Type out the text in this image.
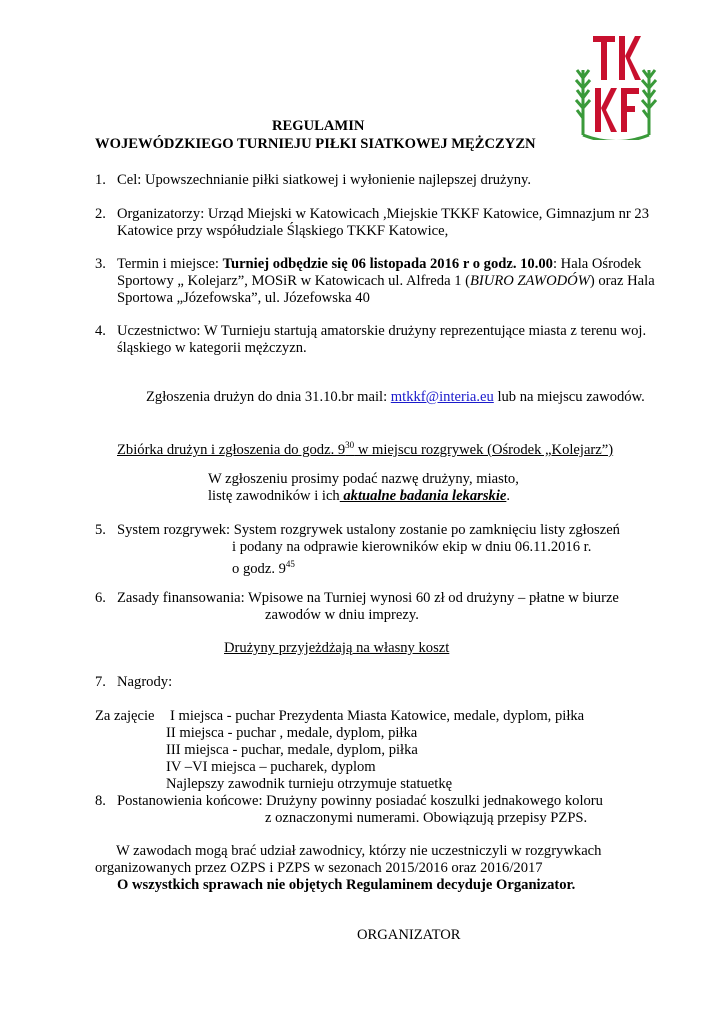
REGULAMIN
WOJEWÓDZKIEGO TURNIEJU PIŁKI SIATKOWEJ MĘŻCZYZN
1. Cel: Upowszechnianie piłki siatkowej i wyłonienie najlepszej drużyny.
2. Organizatorzy: Urząd Miejski w Katowicach ,Miejskie TKKF Katowice, Gimnazjum nr 23
Katowice przy współudziale Śląskiego TKKF Katowice,
3. Termin i miejsce: Turniej odbędzie się 06 listopada 2016 r o godz. 10.00: Hala Ośrodek
Sportowy „ Kolejarz”, MOSiR w Katowicach ul. Alfreda 1 (BIURO ZAWODÓW) oraz Hala
Sportowa „Józefowska”, ul. Józefowska 40
4. Uczestnictwo: W Turnieju startują amatorskie drużyny reprezentujące miasta z terenu woj.
śląskiego w kategorii mężczyzn.
Zgłoszenia drużyn do dnia 31.10.br mail: mtkkf@interia.eu lub na miejscu zawodów.
Zbiórka drużyn i zgłoszenia do godz. $9^{30}$ w miejscu rozgrywek (Ośrodek „Kolejarz”)
W zgłoszeniu prosimy podać nazwę drużyny, miasto,
listę zawodników i ich aktualne badania lekarskie.
5. System rozgrywek: System rozgrywek ustalony zostanie po zamknięciu listy zgłoszeń
i podany na odprawie kierowników ekip w dniu 06.11.2016 r.
o godz. $9^{45}$
6. Zasady finansowania: Wpisowe na Turniej wynosi 60 zł od drużyny – płatne w biurze
zawodów w dniu imprezy.
Drużyny przyjeżdżają na własny koszt
7. Nagrody:
Za zajęcie I miejsca - puchar Prezydenta Miasta Katowice, medale, dyplom, piłka
II miejsca - puchar , medale, dyplom, piłka
III miejsca - puchar, medale, dyplom, piłka
IV –VI miejsca – pucharek, dyplom
Najlepszy zawodnik turnieju otrzymuje statuetkę
8. Postanowienia końcowe: Drużyny powinny posiadać koszulki jednakowego koloru
z oznaczonymi numerami. Obowiązują przepisy PZPS.
W zawodach mogą brać udział zawodnicy, którzy nie uczestniczyli w rozgrywkach
organizowanych przez OZPS i PZPS w sezonach 2015/2016 oraz 2016/2017
O wszystkich sprawach nie objętych Regulaminem decyduje Organizator.
ORGANIZATOR
